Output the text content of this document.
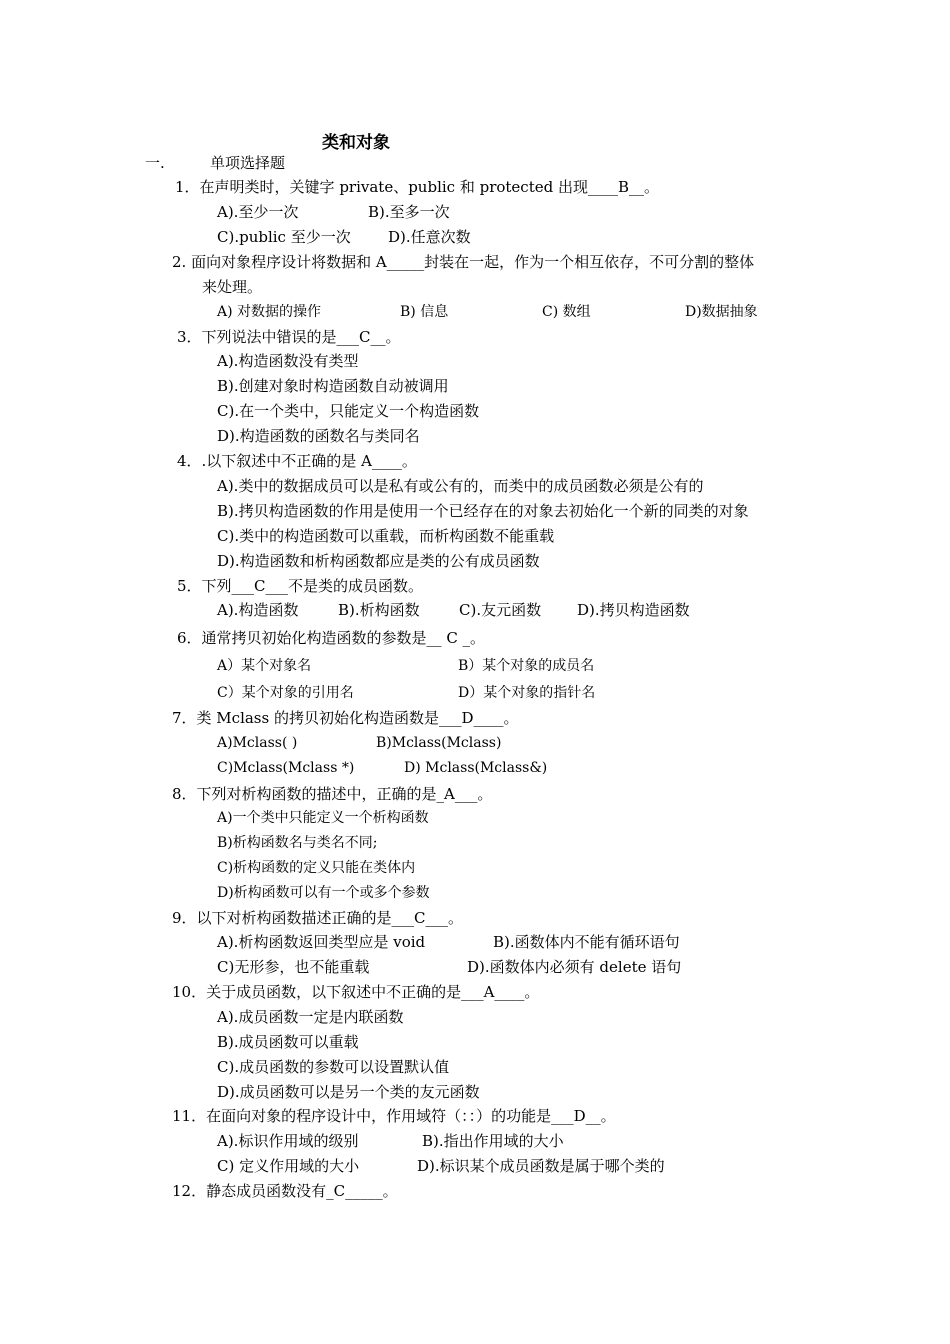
类和对象
一.	单项选择题
1．在声明类时，关键字 private、public 和 protected 出现____B__。
A).至少一次	B).至多一次
C).public 至少一次 D).任意次数
2. 面向对象程序设计将数据和 A_____封装在一起，作为一个相互依存，不可分割的整体
来处理。
A) 对数据的操作	B) 信息	C) 数组	D)数据抽象
3．下列说法中错误的是___C__。
A).构造函数没有类型
B).创建对象时构造函数自动被调用
C).在一个类中，只能定义一个构造函数
D).构造函数的函数名与类同名
4．.以下叙述中不正确的是 A____。
A).类中的数据成员可以是私有或公有的，而类中的成员函数必须是公有的
B).拷贝构造函数的作用是使用一个已经存在的对象去初始化一个新的同类的对象
C).类中的构造函数可以重载，而析构函数不能重载
D).构造函数和析构函数都应是类的公有成员函数
5．下列___C___不是类的成员函数。
A).构造函数	B).析构函数	C).友元函数 D).拷贝构造函数
6．通常拷贝初始化构造函数的参数是__ C _。
A）某个对象名	B）某个对象的成员名
C）某个对象的引用名	D）某个对象的指针名
7．类 Mclass 的拷贝初始化构造函数是___D____。
A)Mclass( )	B)Mclass(Mclass)
C)Mclass(Mclass *)	D) Mclass(Mclass&)
8．下列对析构函数的描述中，正确的是_A___。
A)一个类中只能定义一个析构函数
B)析构函数名与类名不同;
C)析构函数的定义只能在类体内
D)析构函数可以有一个或多个参数
9．以下对析构函数描述正确的是___C___。
A).析构函数返回类型应是 void	B).函数体内不能有循环语句
C)无形参，也不能重载	D).函数体内必须有 delete 语句
10．关于成员函数，以下叙述中不正确的是___A____。
A).成员函数一定是内联函数
B).成员函数可以重载
C).成员函数的参数可以设置默认值
D).成员函数可以是另一个类的友元函数
11．在面向对象的程序设计中，作用域符（：：）的功能是___D__。
A).标识作用域的级别	B).指出作用域的大小
C) 定义作用域的大小	D).标识某个成员函数是属于哪个类的
12．静态成员函数没有_C_____。
